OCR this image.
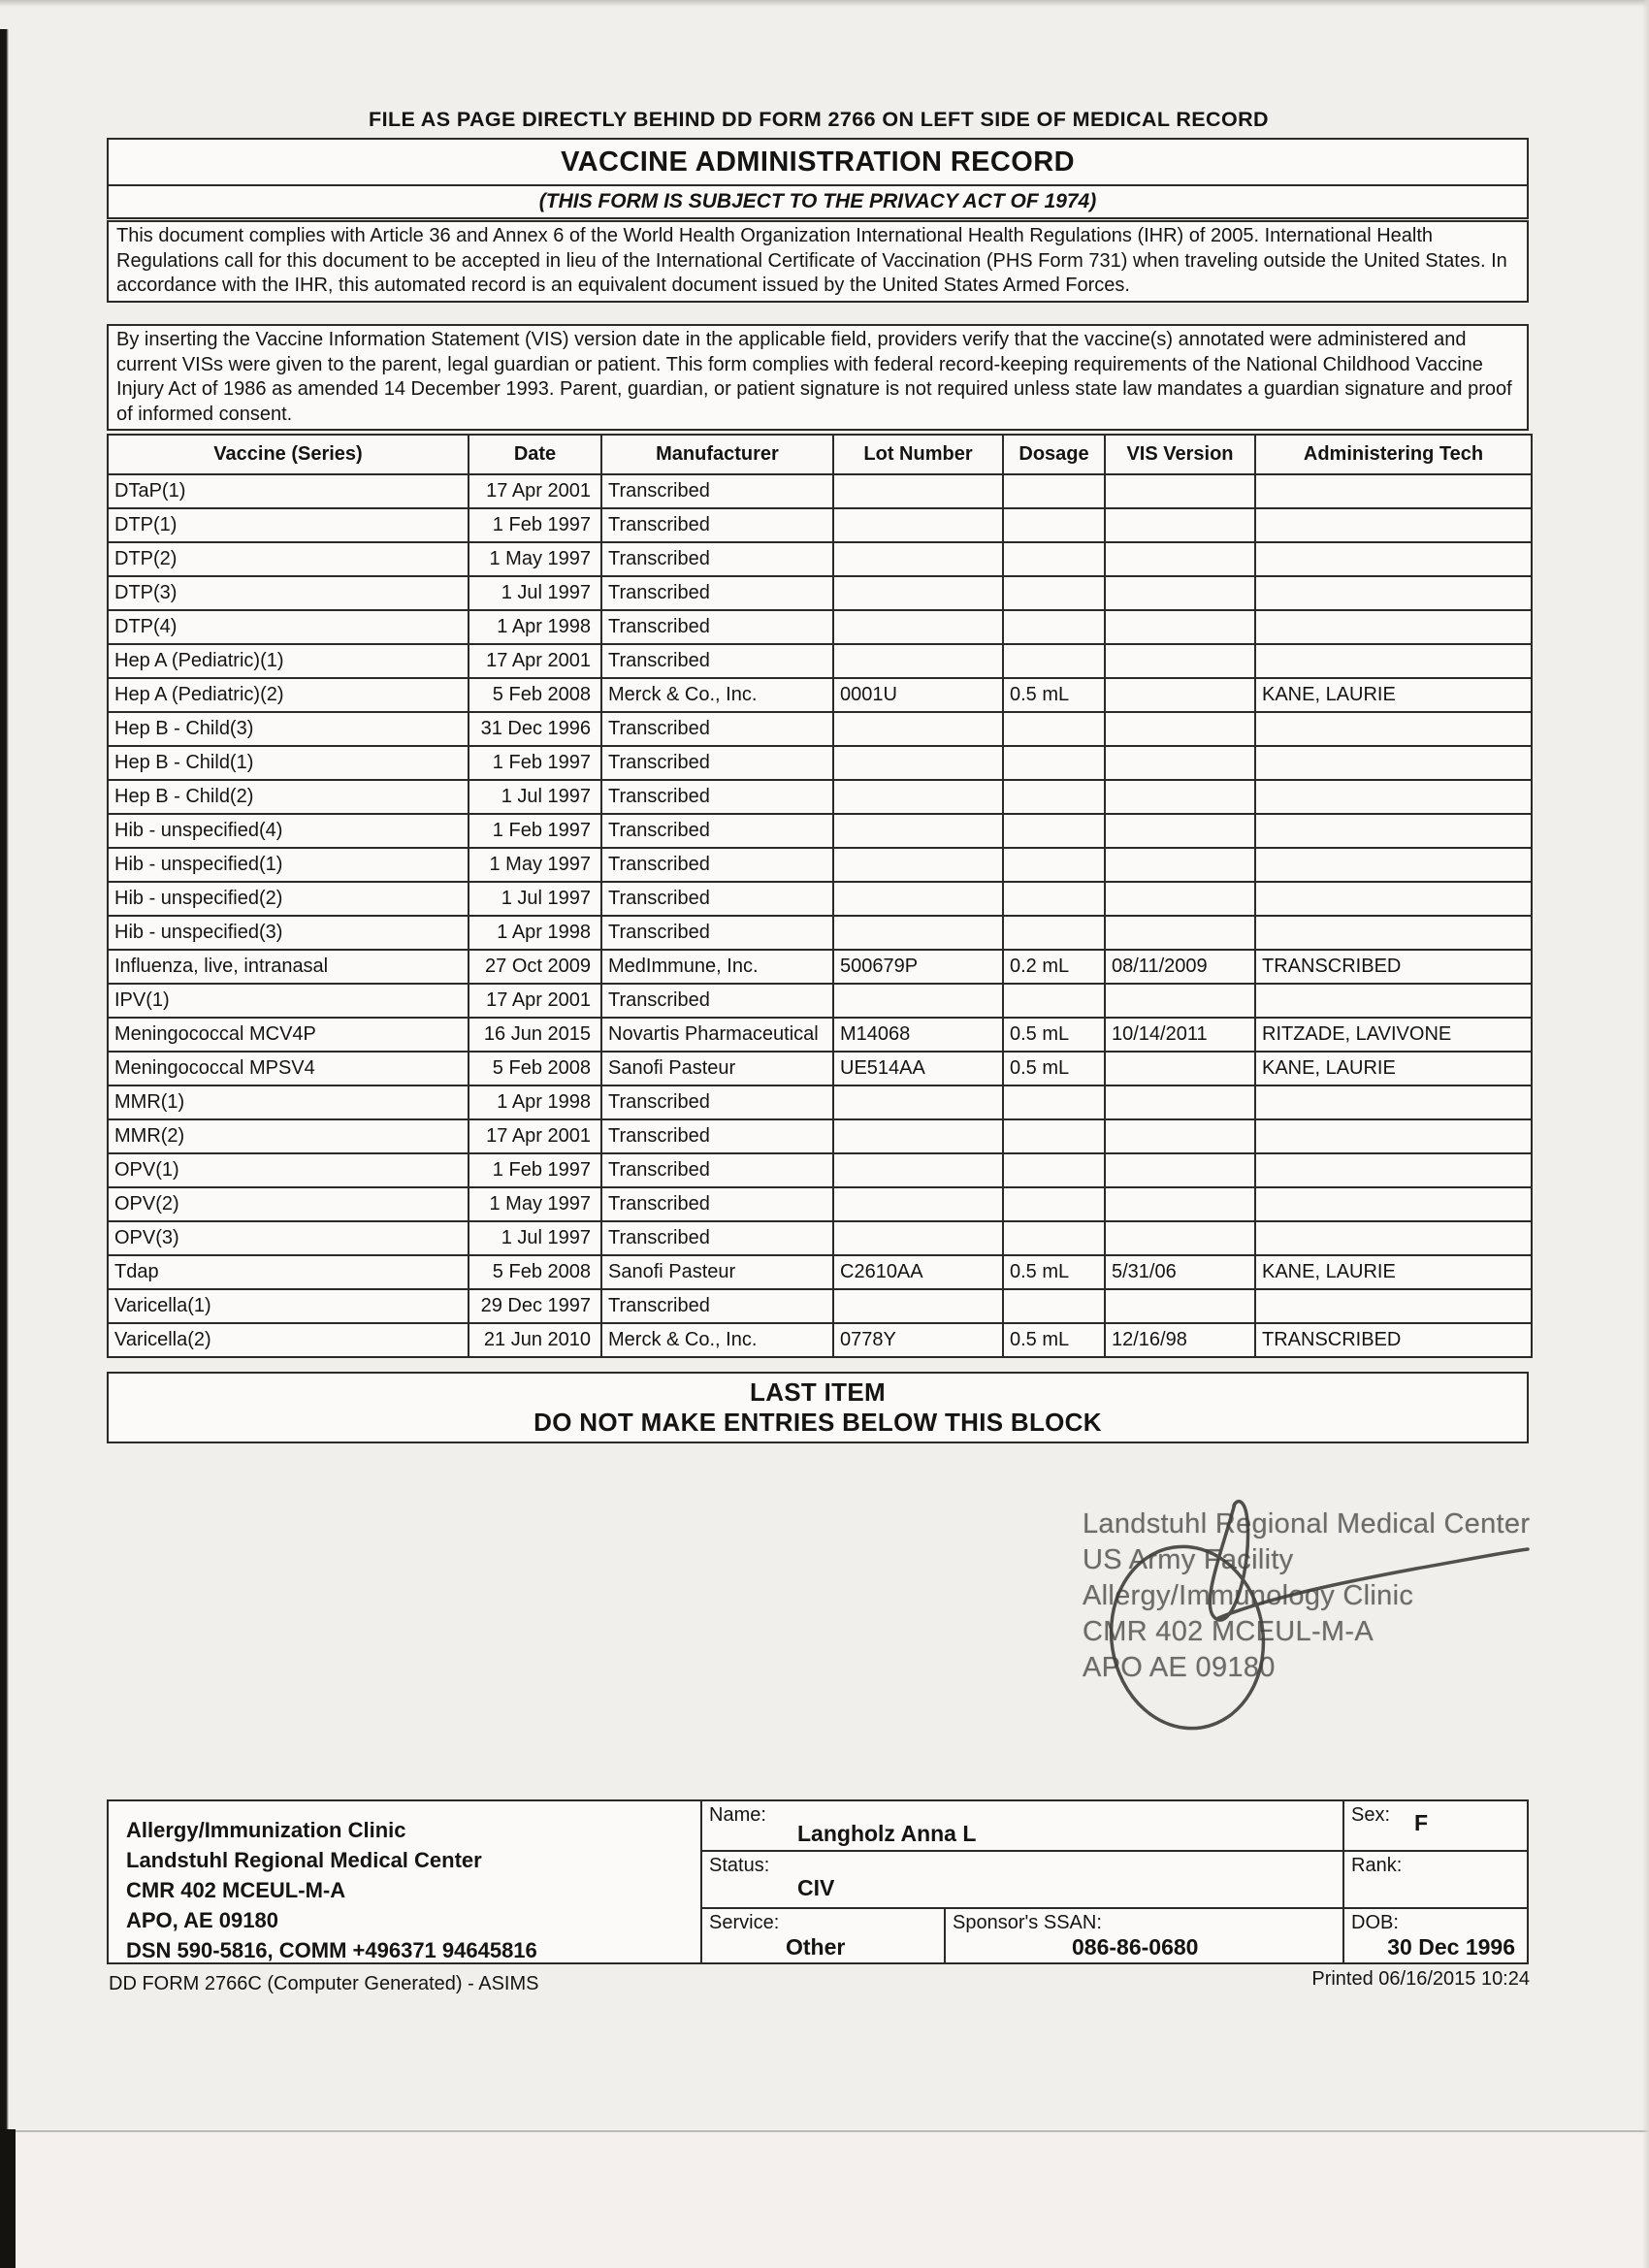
FILE AS PAGE DIRECTLY BEHIND DD FORM 2766 ON LEFT SIDE OF MEDICAL RECORD
VACCINE ADMINISTRATION RECORD
(THIS FORM IS SUBJECT TO THE PRIVACY ACT OF 1974)
This document complies with Article 36 and Annex 6 of the World Health Organization International Health Regulations (IHR) of 2005. International Health Regulations call for this document to be accepted in lieu of the International Certificate of Vaccination (PHS Form 731) when traveling outside the United States. In accordance with the IHR, this automated record is an equivalent document issued by the United States Armed Forces.
By inserting the Vaccine Information Statement (VIS) version date in the applicable field, providers verify that the vaccine(s) annotated were administered and current VISs were given to the parent, legal guardian or patient. This form complies with federal record-keeping requirements of the National Childhood Vaccine Injury Act of 1986 as amended 14 December 1993. Parent, guardian, or patient signature is not required unless state law mandates a guardian signature and proof of informed consent.
Vaccine (Series)	Date	Manufacturer	Lot Number	Dosage	VIS Version	Administering Tech
DTaP(1)	17 Apr 2001	Transcribed				
DTP(1)	1 Feb 1997	Transcribed				
DTP(2)	1 May 1997	Transcribed				
DTP(3)	1 Jul 1997	Transcribed				
DTP(4)	1 Apr 1998	Transcribed				
Hep A (Pediatric)(1)	17 Apr 2001	Transcribed				
Hep A (Pediatric)(2)	5 Feb 2008	Merck & Co., Inc.	0001U	0.5 mL		KANE, LAURIE
Hep B - Child(3)	31 Dec 1996	Transcribed				
Hep B - Child(1)	1 Feb 1997	Transcribed				
Hep B - Child(2)	1 Jul 1997	Transcribed				
Hib - unspecified(4)	1 Feb 1997	Transcribed				
Hib - unspecified(1)	1 May 1997	Transcribed				
Hib - unspecified(2)	1 Jul 1997	Transcribed				
Hib - unspecified(3)	1 Apr 1998	Transcribed				
Influenza, live, intranasal	27 Oct 2009	MedImmune, Inc.	500679P	0.2 mL	08/11/2009	TRANSCRIBED
IPV(1)	17 Apr 2001	Transcribed				
Meningococcal MCV4P	16 Jun 2015	Novartis Pharmaceutical	M14068	0.5 mL	10/14/2011	RITZADE, LAVIVONE
Meningococcal MPSV4	5 Feb 2008	Sanofi Pasteur	UE514AA	0.5 mL		KANE, LAURIE
MMR(1)	1 Apr 1998	Transcribed				
MMR(2)	17 Apr 2001	Transcribed				
OPV(1)	1 Feb 1997	Transcribed				
OPV(2)	1 May 1997	Transcribed				
OPV(3)	1 Jul 1997	Transcribed				
Tdap	5 Feb 2008	Sanofi Pasteur	C2610AA	0.5 mL	5/31/06	KANE, LAURIE
Varicella(1)	29 Dec 1997	Transcribed				
Varicella(2)	21 Jun 2010	Merck & Co., Inc.	0778Y	0.5 mL	12/16/98	TRANSCRIBED
LAST ITEM
DO NOT MAKE ENTRIES BELOW THIS BLOCK
Landstuhl Regional Medical Center
US Army Facility
Allergy/Immunology Clinic
CMR 402 MCEUL-M-A
APO AE 09180
Allergy/Immunization Clinic
Landstuhl Regional Medical Center
CMR 402 MCEUL-M-A
APO, AE 09180
DSN 590-5816, COMM +496371 94645816
Name:
Langholz Anna L
Sex: F
Status:
CIV
Rank:
Service:
Other
Sponsor's SSAN:
086-86-0680
DOB:
30 Dec 1996
DD FORM 2766C (Computer Generated) - ASIMS	Printed 06/16/2015 10:24
